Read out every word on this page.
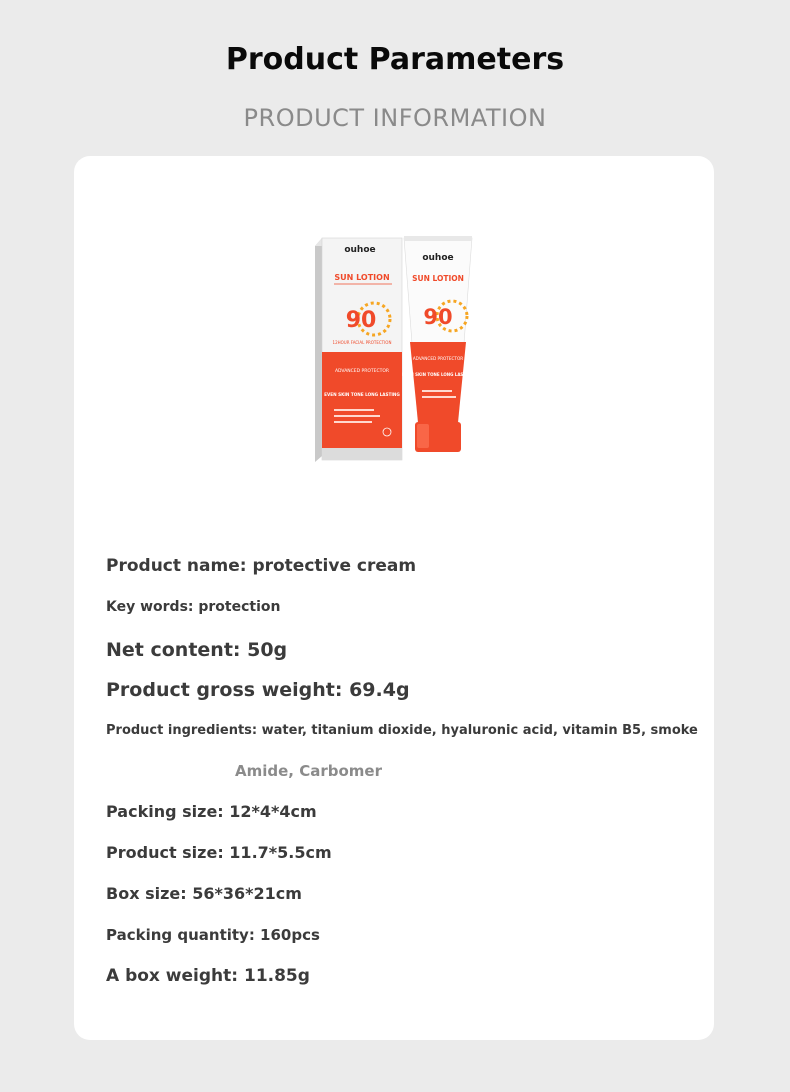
Product Parameters
PRODUCT INFORMATION
ouhoe
SUN LOTION
90
12HOUR FACIAL PROTECTION
ADVANCED PROTECTOR
EVEN SKIN TONE LONG LASTING
ouhoe
SUN LOTION
90
ADVANCED PROTECTOR
EVEN SKIN TONE LONG LASTING
Product name: protective cream
Key words: protection
Net content: 50g
Product gross weight: 69.4g
Product ingredients: water, titanium dioxide, hyaluronic acid, vitamin B5, smoke
Amide, Carbomer
Packing size: 12*4*4cm
Product size: 11.7*5.5cm
Box size: 56*36*21cm
Packing quantity: 160pcs
A box weight: 11.85g
